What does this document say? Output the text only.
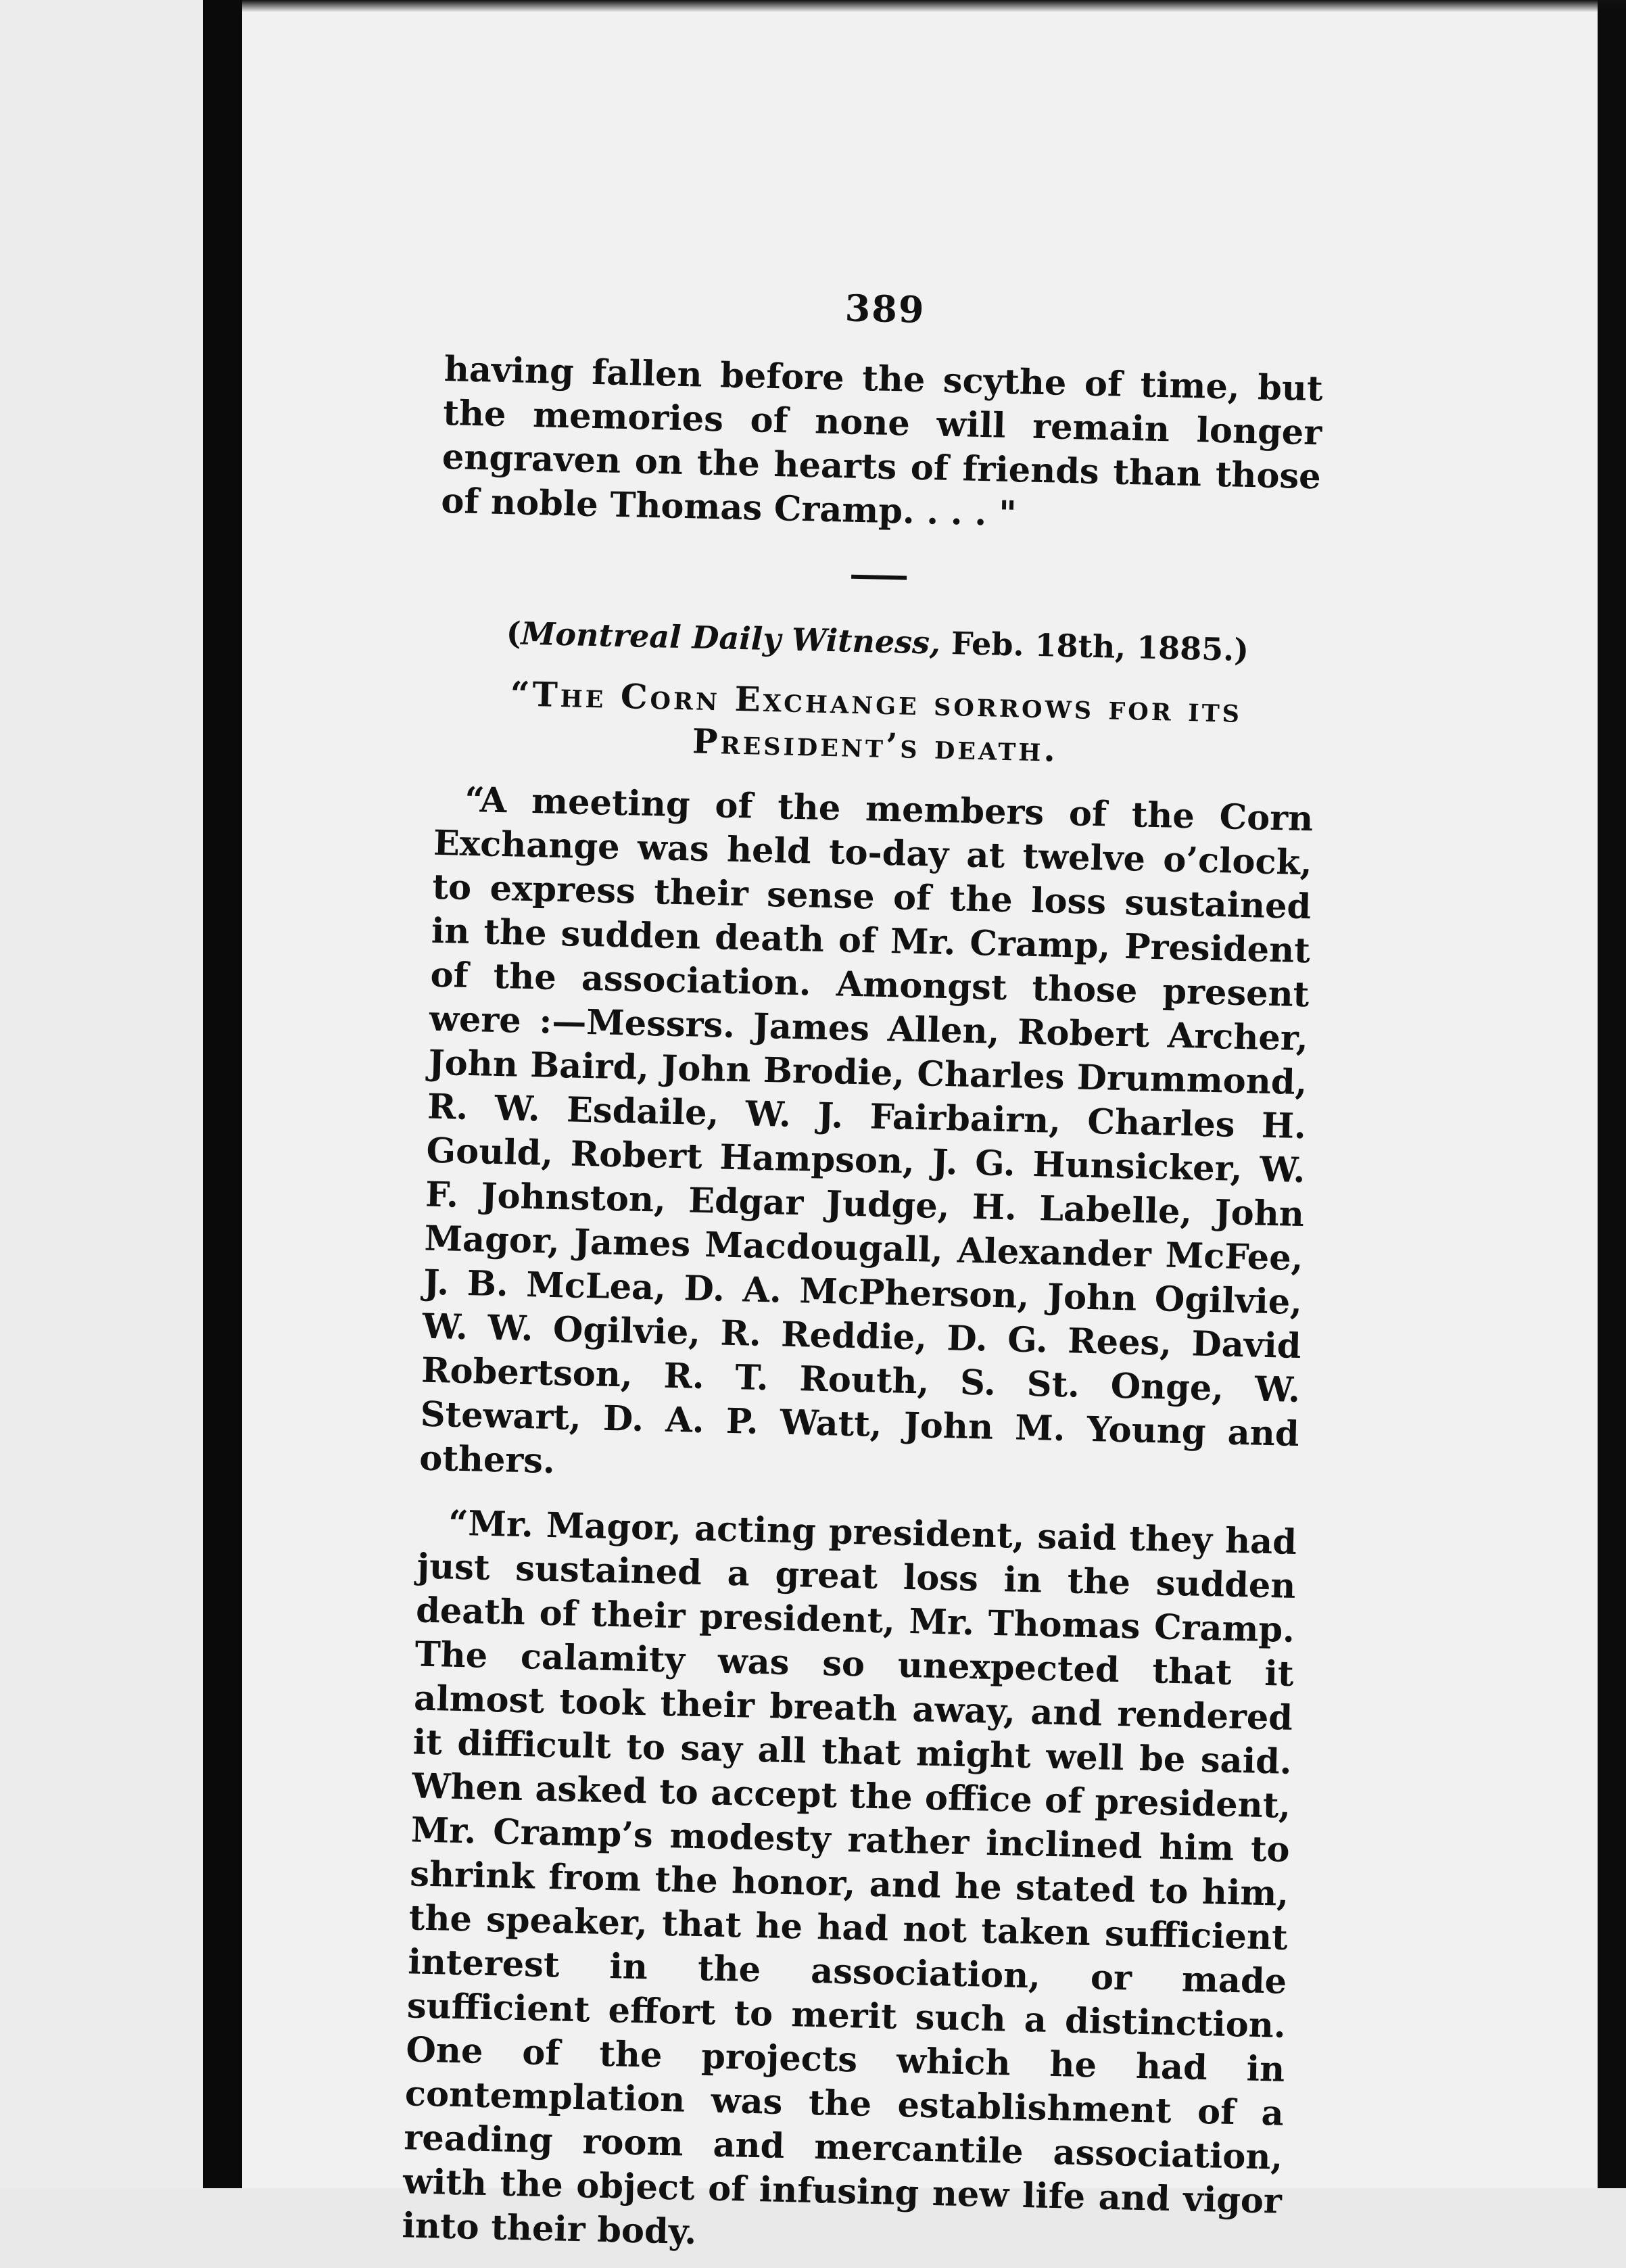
389

having fallen before the scythe of time, but the memories of none will remain longer engraven on the hearts of friends than those of noble Thomas Cramp. . . . "

(Montreal Daily Witness, Feb. 18th, 1885.)
“The Corn Exchange sorrows for its President’s death.

“A meeting of the members of the Corn Exchange was held to-day at twelve o’clock, to express their sense of the loss sustained in the sudden death of Mr. Cramp, President of the association. Amongst those present were :—Messrs. James Allen, Robert Archer, John Baird, John Brodie, Charles Drummond, R. W. Esdaile, W. J. Fairbairn, Charles H. Gould, Robert Hampson, J. G. Hunsicker, W. F. Johnston, Edgar Judge, H. Labelle, John Magor, James Macdougall, Alexander McFee, J. B. McLea, D. A. McPherson, John Ogilvie, W. W. Ogilvie, R. Reddie, D. G. Rees, David Robertson, R. T. Routh, S. St. Onge, W. Stewart, D. A. P. Watt, John M. Young and others.

“Mr. Magor, acting president, said they had just sustained a great loss in the sudden death of their president, Mr. Thomas Cramp. The calamity was so unexpected that it almost took their breath away, and rendered it difficult to say all that might well be said. When asked to accept the office of president, Mr. Cramp’s modesty rather inclined him to shrink from the honor, and he stated to him, the speaker, that he had not taken sufficient interest in the association, or made sufficient effort to merit such a distinction. One of the projects which he had in contemplation was the establishment of a reading room and mercantile association, with the object of infusing new life and vigor into their body.
